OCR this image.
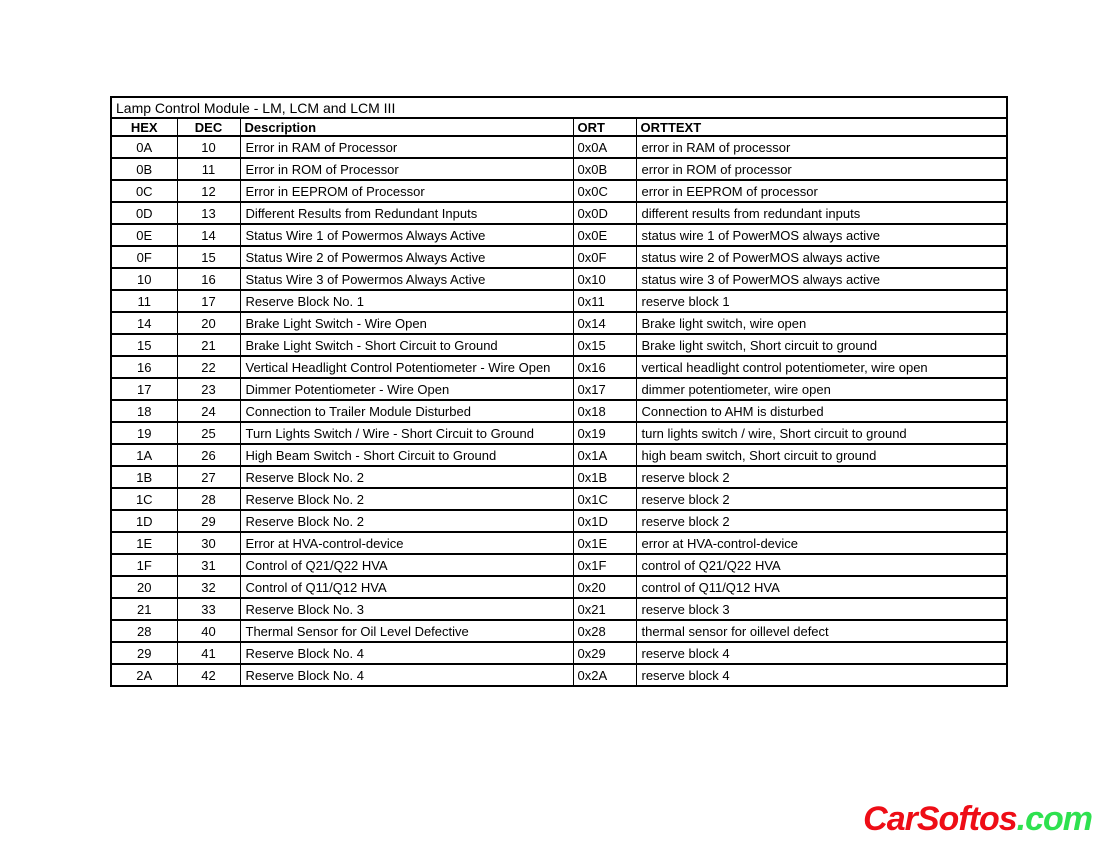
Lamp Control Module - LM, LCM and LCM III				
HEX	DEC	Description	ORT	ORTTEXT
0A	10	Error in RAM of Processor	0x0A	error in RAM of processor
0B	11	Error in ROM of Processor	0x0B	error in ROM of processor
0C	12	Error in EEPROM of Processor	0x0C	error in EEPROM of processor
0D	13	Different Results from Redundant Inputs	0x0D	different results from redundant inputs
0E	14	Status Wire 1 of Powermos Always Active	0x0E	status wire 1 of PowerMOS always active
0F	15	Status Wire 2 of Powermos Always Active	0x0F	status wire 2 of PowerMOS always active
10	16	Status Wire 3 of Powermos Always Active	0x10	status wire 3 of PowerMOS always active
11	17	Reserve Block No. 1	0x11	reserve block 1
14	20	Brake Light Switch - Wire Open	0x14	Brake light switch, wire open
15	21	Brake Light Switch - Short Circuit to Ground	0x15	Brake light switch, Short circuit to ground
16	22	Vertical Headlight Control Potentiometer - Wire Open	0x16	vertical headlight control potentiometer, wire open
17	23	Dimmer Potentiometer - Wire Open	0x17	dimmer potentiometer, wire open
18	24	Connection to Trailer Module Disturbed	0x18	Connection to AHM is disturbed
19	25	Turn Lights Switch / Wire - Short Circuit to Ground	0x19	turn lights switch / wire, Short circuit to ground
1A	26	High Beam Switch - Short Circuit to Ground	0x1A	high beam switch, Short circuit to ground
1B	27	Reserve Block No. 2	0x1B	reserve block 2
1C	28	Reserve Block No. 2	0x1C	reserve block 2
1D	29	Reserve Block No. 2	0x1D	reserve block 2
1E	30	Error at HVA-control-device	0x1E	error at HVA-control-device
1F	31	Control of Q21/Q22 HVA	0x1F	control of Q21/Q22 HVA
20	32	Control of Q11/Q12 HVA	0x20	control of Q11/Q12 HVA
21	33	Reserve Block No. 3	0x21	reserve block 3
28	40	Thermal Sensor for Oil Level Defective	0x28	thermal sensor for oillevel defect
29	41	Reserve Block No. 4	0x29	reserve block 4
2A	42	Reserve Block No. 4	0x2A	reserve block 4
CarSoftos.com
